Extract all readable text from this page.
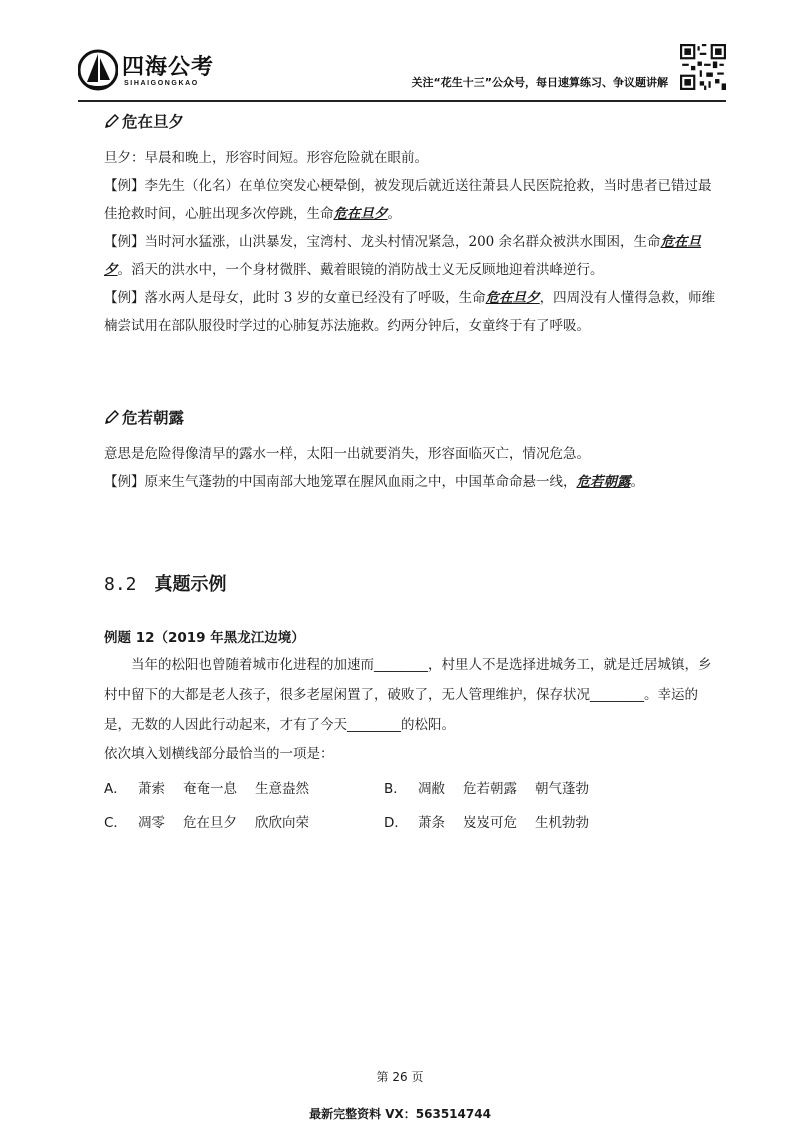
四海公考
SIHAIGONGKAO	关注“花生十三”公众号，每日速算练习、争议题讲解
危在旦夕
旦夕：早晨和晚上，形容时间短。形容危险就在眼前。
【例】李先生（化名）在单位突发心梗晕倒，被发现后就近送往萧县人民医院抢救，当时患者已错过最佳抢救时间，心脏出现多次停跳，生命危在旦夕。
【例】当时河水猛涨，山洪暴发，宝湾村、龙头村情况紧急，200 余名群众被洪水围困，生命危在旦夕。滔天的洪水中，一个身材微胖、戴着眼镜的消防战士义无反顾地迎着洪峰逆行。
【例】落水两人是母女，此时 3 岁的女童已经没有了呼吸，生命危在旦夕，四周没有人懂得急救，师维楠尝试用在部队服役时学过的心肺复苏法施救。约两分钟后，女童终于有了呼吸。
危若朝露
意思是危险得像清早的露水一样，太阳一出就要消失，形容面临灭亡，情况危急。
【例】原来生气蓬勃的中国南部大地笼罩在腥风血雨之中，中国革命命悬一线，危若朝露。
8.2 真题示例
例题 12（2019 年黑龙江边境）

当年的松阳也曾随着城市化进程的加速而________，村里人不是选择进城务工，就是迁居城镇，乡村中留下的大都是老人孩子，很多老屋闲置了，破败了，无人管理维护，保存状况________。幸运的是，无数的人因此行动起来，才有了今天________的松阳。

依次填入划横线部分最恰当的一项是：
A． 萧索 奄奄一息 生意盎然	B． 凋敝 危若朝露 朝气蓬勃
C． 凋零 危在旦夕 欣欣向荣	D． 萧条 岌岌可危 生机勃勃
第 26 页
最新完整资料 VX：563514744
